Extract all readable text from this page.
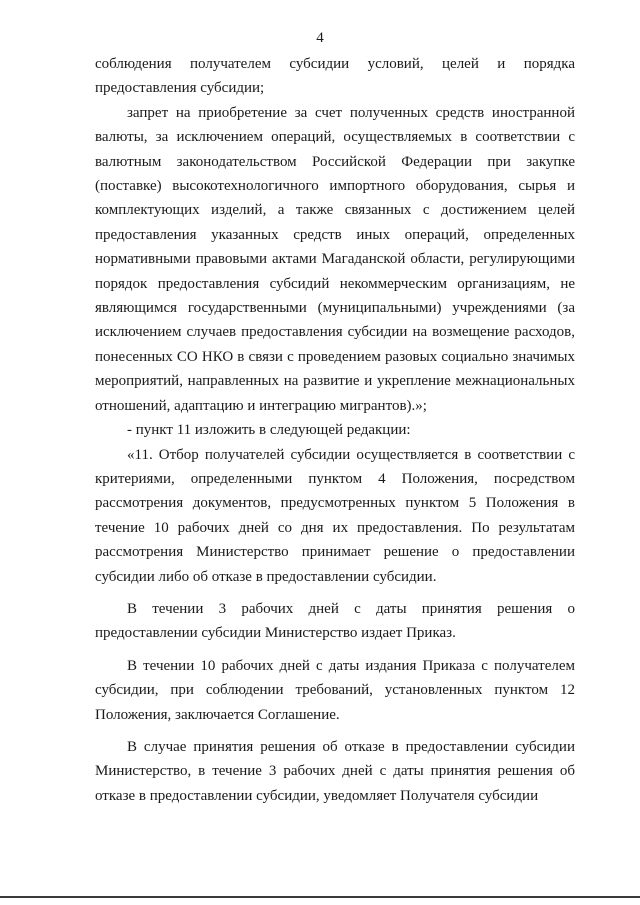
4

соблюдения получателем субсидии условий, целей и порядка предоставления субсидии;

запрет на приобретение за счет полученных средств иностранной валюты, за исключением операций, осуществляемых в соответствии с валютным законодательством Российской Федерации при закупке (поставке) высокотехнологичного импортного оборудования, сырья и комплектующих изделий, а также связанных с достижением целей предоставления указанных средств иных операций, определенных нормативными правовыми актами Магаданской области, регулирующими порядок предоставления субсидий некоммерческим организациям, не являющимся государственными (муниципальными) учреждениями (за исключением случаев предоставления субсидии на возмещение расходов, понесенных СО НКО в связи с проведением разовых социально значимых мероприятий, направленных на развитие и укрепление межнациональных отношений, адаптацию и интеграцию мигрантов).»;

- пункт 11 изложить в следующей редакции:

«11. Отбор получателей субсидии осуществляется в соответствии с критериями, определенными пунктом 4 Положения, посредством рассмотрения документов, предусмотренных пунктом 5 Положения в течение 10 рабочих дней со дня их предоставления. По результатам рассмотрения Министерство принимает решение о предоставлении субсидии либо об отказе в предоставлении субсидии.

В течении 3 рабочих дней с даты принятия решения о предоставлении субсидии Министерство издает Приказ.

В течении 10 рабочих дней с даты издания Приказа с получателем субсидии, при соблюдении требований, установленных пунктом 12 Положения, заключается Соглашение.

В случае принятия решения об отказе в предоставлении субсидии Министерство, в течение 3 рабочих дней с даты принятия решения об отказе в предоставлении субсидии, уведомляет Получателя субсидии
